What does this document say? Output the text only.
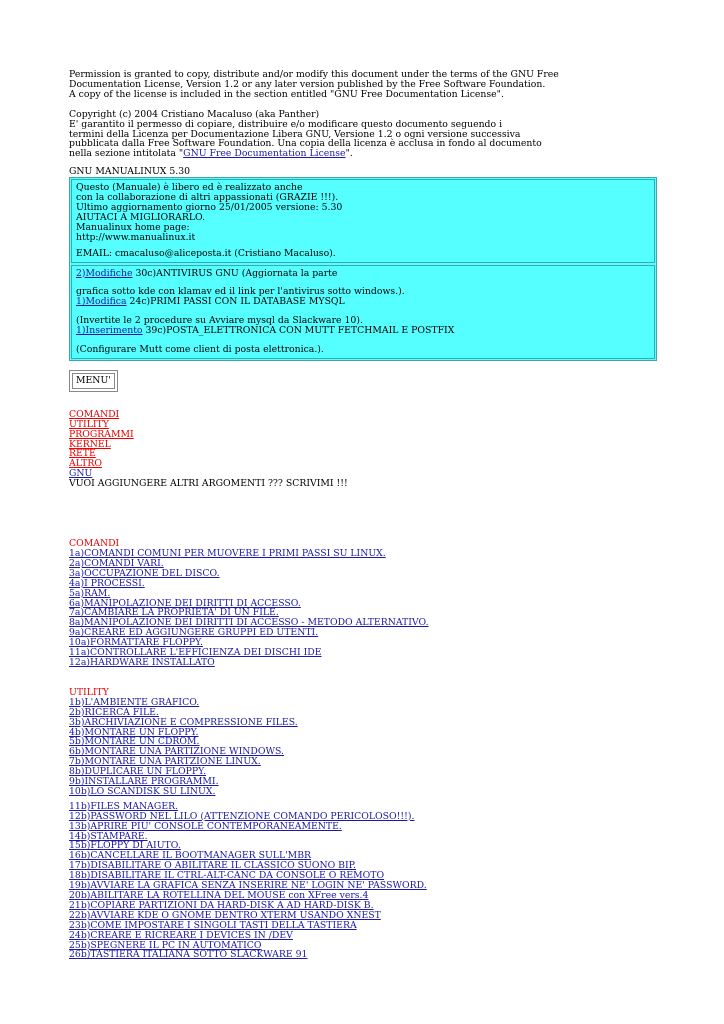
Permission is granted to copy, distribute and/or modify this document under the terms of the GNU Free
Documentation License, Version 1.2 or any later version published by the Free Software Foundation.
A copy of the license is included in the section entitled "GNU Free Documentation License".
Copyright (c) 2004 Cristiano Macaluso (aka Panther)
E' garantito il permesso di copiare, distribuire e/o modificare questo documento seguendo i
termini della Licenza per Documentazione Libera GNU, Versione 1.2 o ogni versione successiva
pubblicata dalla Free Software Foundation. Una copia della licenza è acclusa in fondo al documento
nella sezione intitolata "GNU Free Documentation License".
GNU MANUALINUX 5.30
Questo (Manuale) è libero ed è realizzato anche
con la collaborazione di altri appassionati (GRAZIE !!!).
Ultimo aggiornamento giorno 25/01/2005 versione: 5.30
AIUTACI A MIGLIORARLO.
Manualinux home page:
http://www.manualinux.it
EMAIL: cmacaluso@aliceposta.it (Cristiano Macaluso).
2)Modifiche 30c)ANTIVIRUS GNU (Aggiornata la parte
grafica sotto kde con klamav ed il link per l'antivirus sotto windows.).
1)Modifica 24c)PRIMI PASSI CON IL DATABASE MYSQL
(Invertite le 2 procedure su Avviare mysql da Slackware 10).
1)Inserimento 39c)POSTA_ELETTRONICA CON MUTT FETCHMAIL E POSTFIX
(Configurare Mutt come client di posta elettronica.).
MENU'
COMANDI
UTILITY
PROGRAMMI
KERNEL
RETE
ALTRO
GNU
VUOI AGGIUNGERE ALTRI ARGOMENTI ??? SCRIVIMI !!!
COMANDI
1a)COMANDI COMUNI PER MUOVERE I PRIMI PASSI SU LINUX.
2a)COMANDI VARI.
3a)OCCUPAZIONE DEL DISCO.
4a)I PROCESSI.
5a)RAM.
6a)MANIPOLAZIONE DEI DIRITTI DI ACCESSO.
7a)CAMBIARE LA PROPRIETA' DI UN FILE.
8a)MANIPOLAZIONE DEI DIRITTI DI ACCESSO - METODO ALTERNATIVO.
9a)CREARE ED AGGIUNGERE GRUPPI ED UTENTI.
10a)FORMATTARE FLOPPY.
11a)CONTROLLARE L'EFFICIENZA DEI DISCHI IDE
12a)HARDWARE INSTALLATO
UTILITY
1b)L'AMBIENTE GRAFICO.
2b)RICERCA FILE.
3b)ARCHIVIAZIONE E COMPRESSIONE FILES.
4b)MONTARE UN FLOPPY.
5b)MONTARE UN CDROM.
6b)MONTARE UNA PARTIZIONE WINDOWS.
7b)MONTARE UNA PARTZIONE LINUX.
8b)DUPLICARE UN FLOPPY.
9b)INSTALLARE PROGRAMMI.
10b)LO SCANDISK SU LINUX.
11b)FILES MANAGER.
12b)PASSWORD NEL LILO (ATTENZIONE COMANDO PERICOLOSO!!!).
13b)APRIRE PIU' CONSOLE CONTEMPORANEAMENTE.
14b)STAMPARE.
15b)FLOPPY DI AIUTO.
16b)CANCELLARE IL BOOTMANAGER SULL'MBR
17b)DISABILITARE O ABILITARE IL CLASSICO SUONO BIP.
18b)DISABILITARE IL CTRL-ALT-CANC DA CONSOLE O REMOTO
19b)AVVIARE LA GRAFICA SENZA INSERIRE NE' LOGIN NE' PASSWORD.
20b)ABILITARE LA ROTELLINA DEL MOUSE con XFree vers.4
21b)COPIARE PARTIZIONI DA HARD-DISK A AD HARD-DISK B.
22b)AVVIARE KDE O GNOME DENTRO XTERM USANDO XNEST
23b)COME IMPOSTARE I SINGOLI TASTI DELLA TASTIERA
24b)CREARE E RICREARE I DEVICES IN /DEV
25b)SPEGNERE IL PC IN AUTOMATICO
26b)TASTIERA ITALIANA SOTTO SLACKWARE 91
